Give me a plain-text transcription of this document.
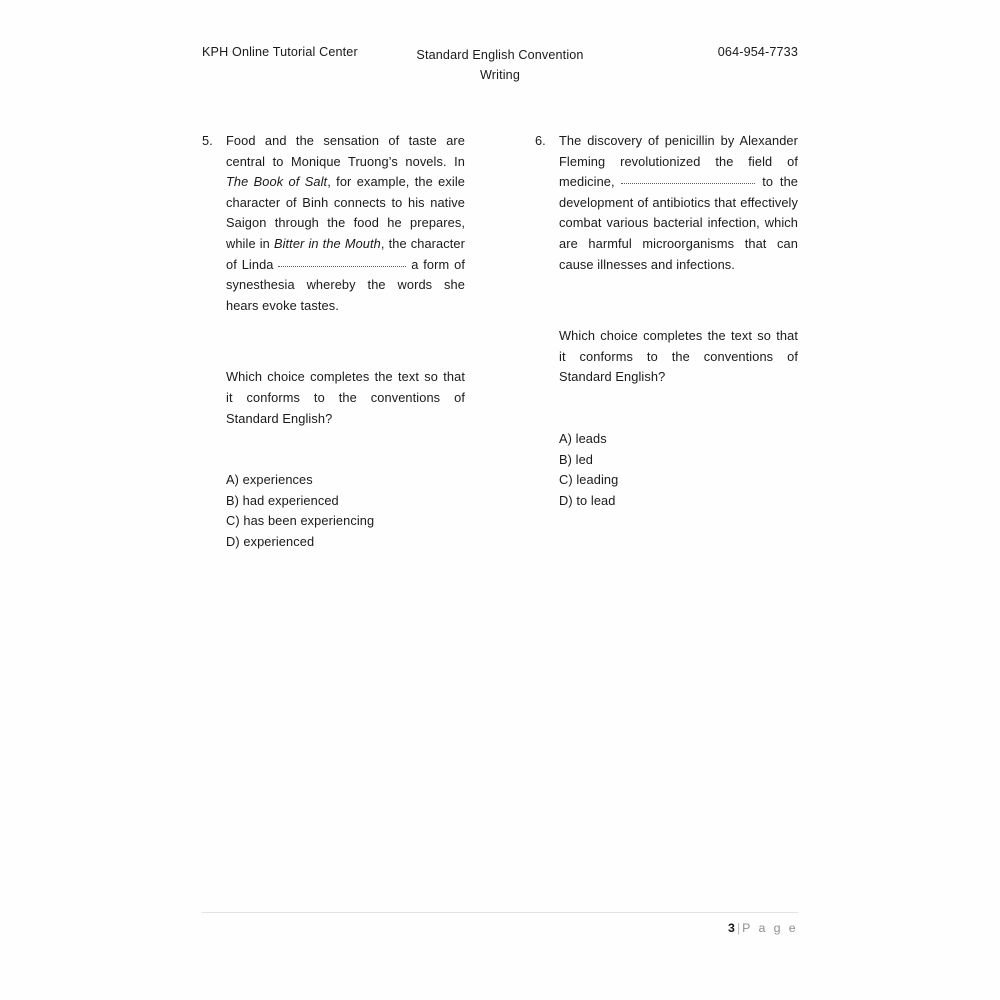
KPH Online Tutorial Center	Standard English Convention
Writing
064-954-7733
5.	Food and the sensation of taste are central to Monique Truong’s novels. In The Book of Salt, for example, the exile character of Binh connects to his native Saigon through the food he prepares, while in Bitter in the Mouth, the character of Linda	a form of synesthesia whereby the words she hears evoke tastes.
Which choice completes the text so that it conforms to the conventions of Standard English?
A) experiences
B) had experienced
C) has been experiencing
D) experienced
6.	The discovery of penicillin by Alexander Fleming revolutionized the field of medicine,	to the development of antibiotics that effectively combat various bacterial infection, which are harmful microorganisms that can cause illnesses and infections.
Which choice completes the text so that it conforms to the conventions of Standard English?
A) leads
B) led
C) leading
D) to lead
3 | P a g e
